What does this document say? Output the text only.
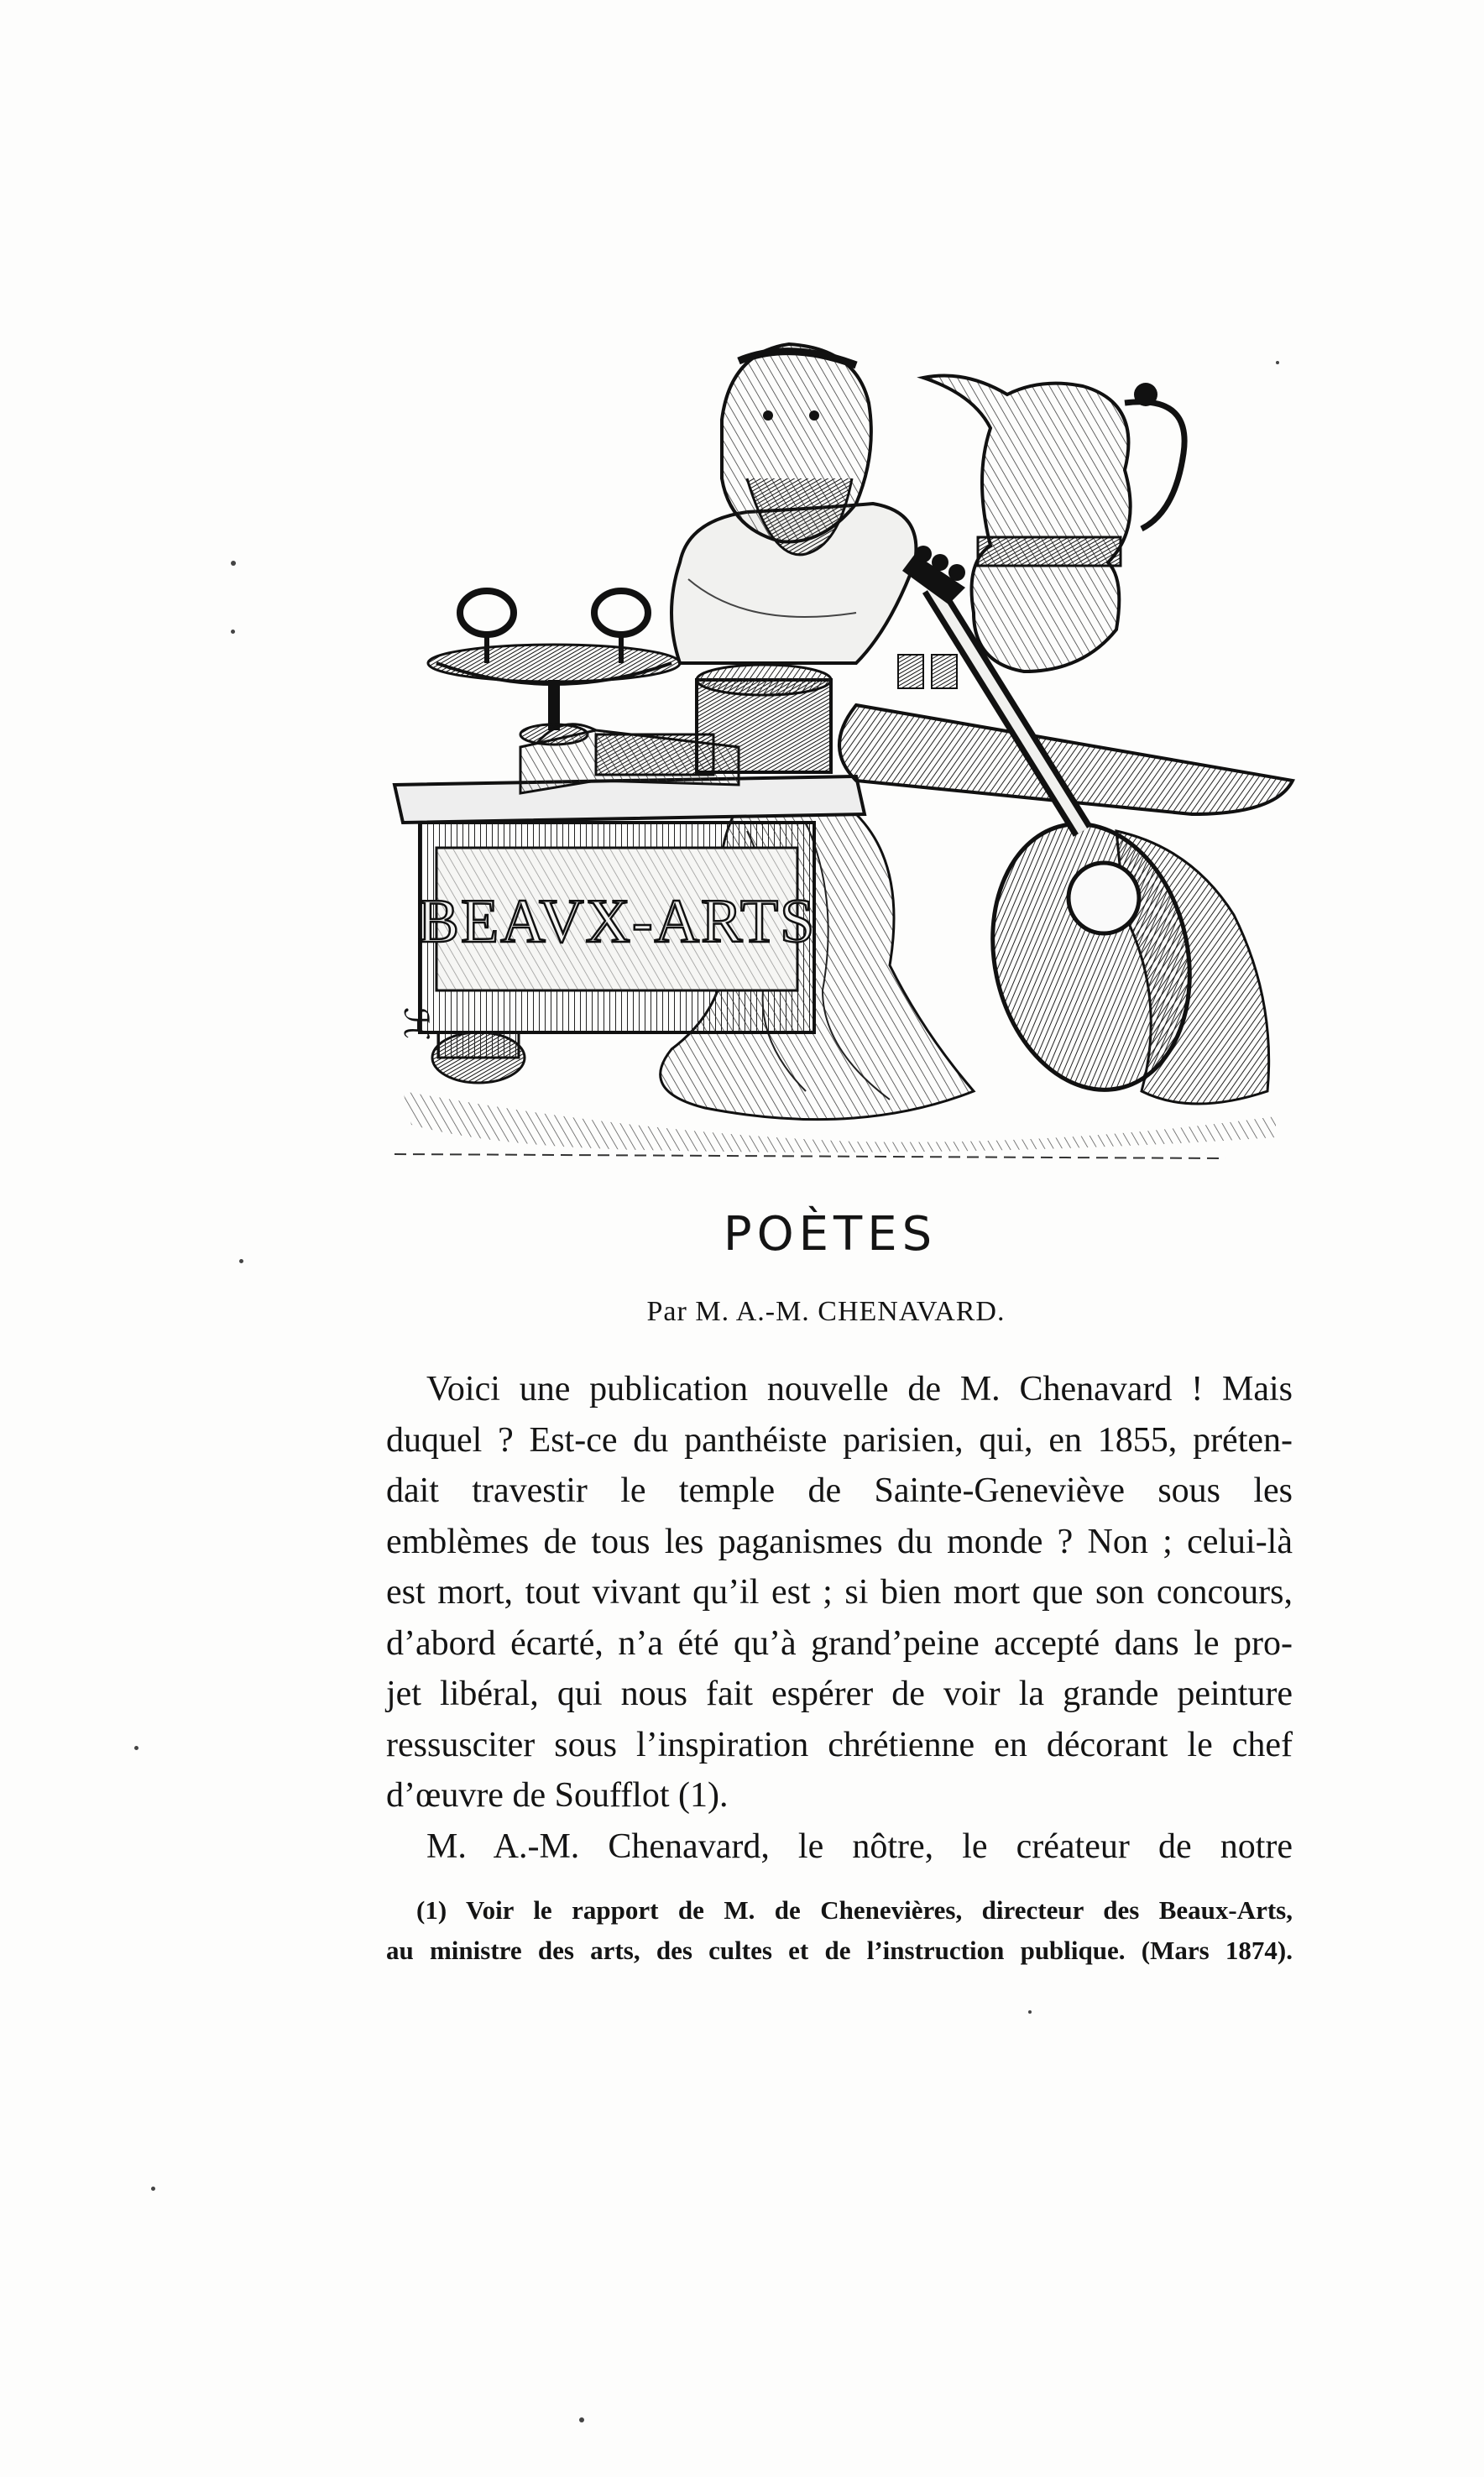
BEAVX-ARTS
ℋ
POÈTES
Par M. A.-M. CHENAVARD.
Voici une publication nouvelle de M. Chenavard ! Mais
duquel ? Est-ce du panthéiste parisien, qui, en 1855, préten-
dait travestir le temple de Sainte-Geneviève sous les
emblèmes de tous les paganismes du monde ? Non ; celui-là
est mort, tout vivant qu’il est ; si bien mort que son concours,
d’abord écarté, n’a été qu’à grand’peine accepté dans le pro-
jet libéral, qui nous fait espérer de voir la grande peinture
ressusciter sous l’inspiration chrétienne en décorant le chef
d’œuvre de Soufflot (1).
M. A.-M. Chenavard, le nôtre, le créateur de notre
(1) Voir le rapport de M. de Chenevières, directeur des Beaux-Arts,
au ministre des arts, des cultes et de l’instruction publique. (Mars 1874).
